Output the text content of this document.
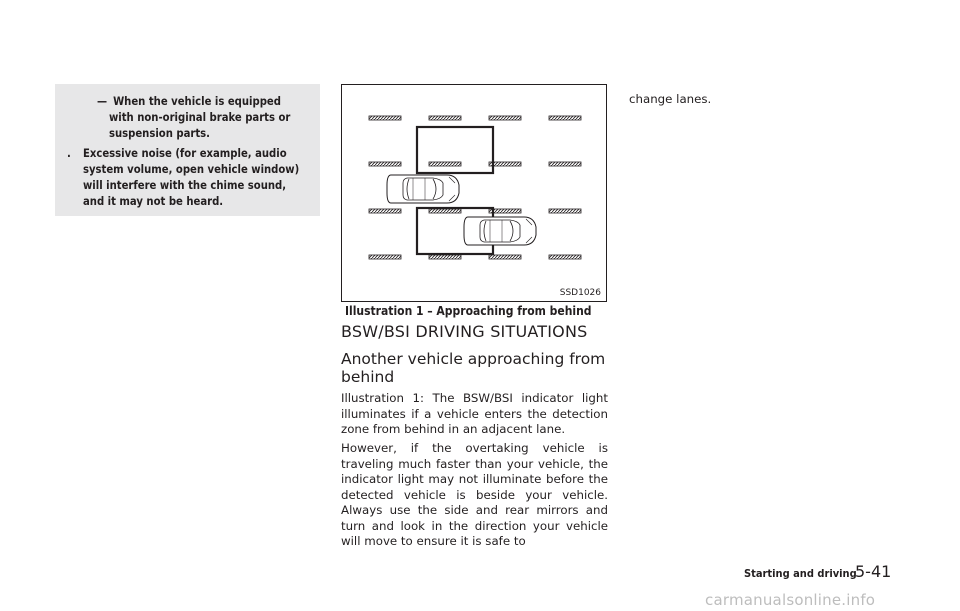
— When the vehicle is equipped with non-original brake parts or suspension parts.
. Excessive noise (for example, audio system volume, open vehicle window) will interfere with the chime sound, and it may not be heard.
SSD1026
Illustration 1 – Approaching from behind
BSW/BSI DRIVING SITUATIONS
Another vehicle approaching from behind
Illustration 1: The BSW/BSI indicator light illuminates if a vehicle enters the detection zone from behind in an adjacent lane.
However, if the overtaking vehicle is traveling much faster than your vehicle, the indicator light may not illuminate before the detected vehicle is beside your vehicle. Always use the side and rear mirrors and turn and look in the direction your vehicle will move to ensure it is safe to
change lanes.
Starting and driving
5-41
carmanualsonline.info
